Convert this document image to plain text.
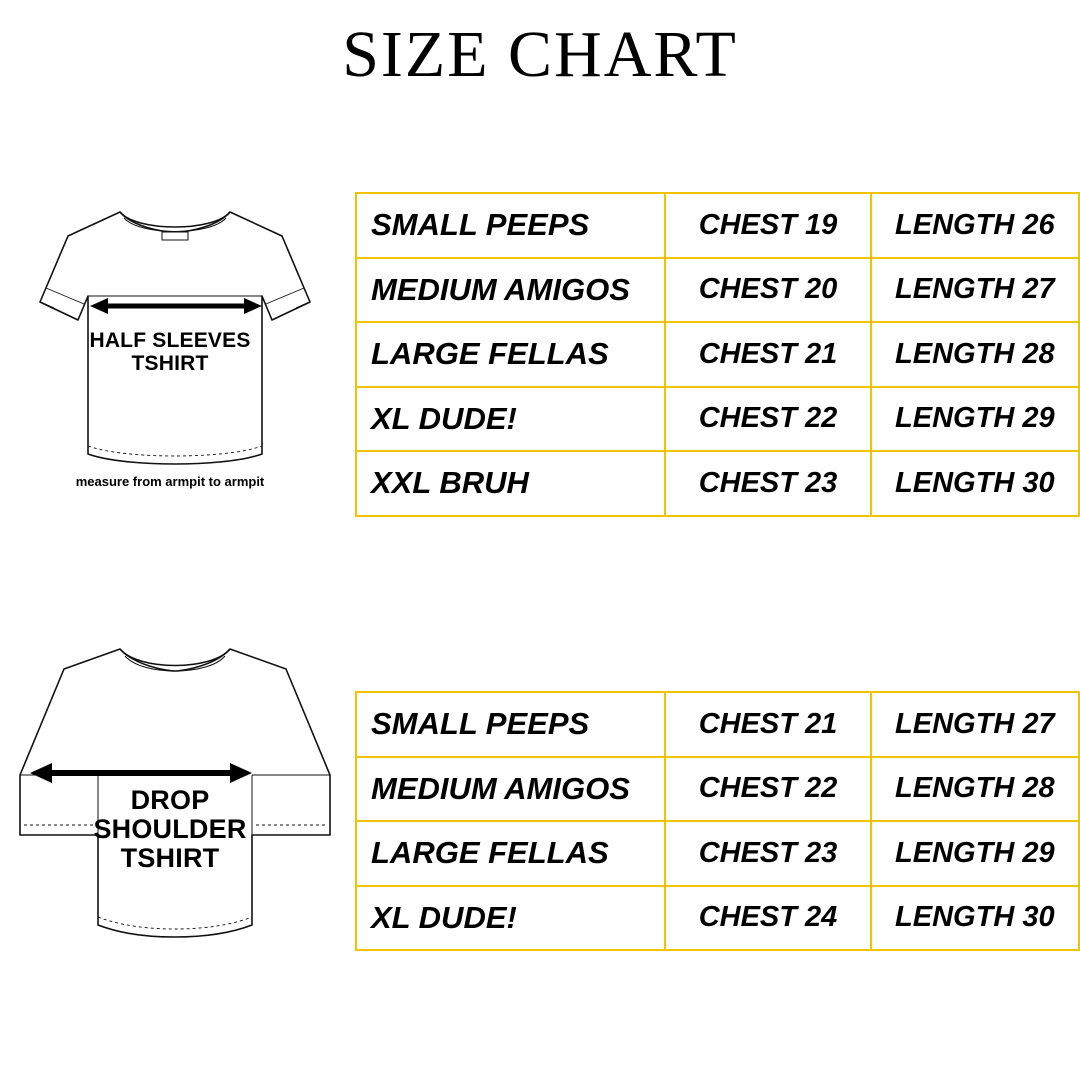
SIZE CHART
HALF SLEEVES
TSHIRT
measure from armpit to armpit
SMALL PEEPS	CHEST 19	LENGTH 26
MEDIUM AMIGOS	CHEST 20	LENGTH 27
LARGE FELLAS	CHEST 21	LENGTH 28
XL DUDE!	CHEST 22	LENGTH 29
XXL BRUH	CHEST 23	LENGTH 30
DROP
SHOULDER
TSHIRT
SMALL PEEPS	CHEST 21	LENGTH 27
MEDIUM AMIGOS	CHEST 22	LENGTH 28
LARGE FELLAS	CHEST 23	LENGTH 29
XL DUDE!	CHEST 24	LENGTH 30
